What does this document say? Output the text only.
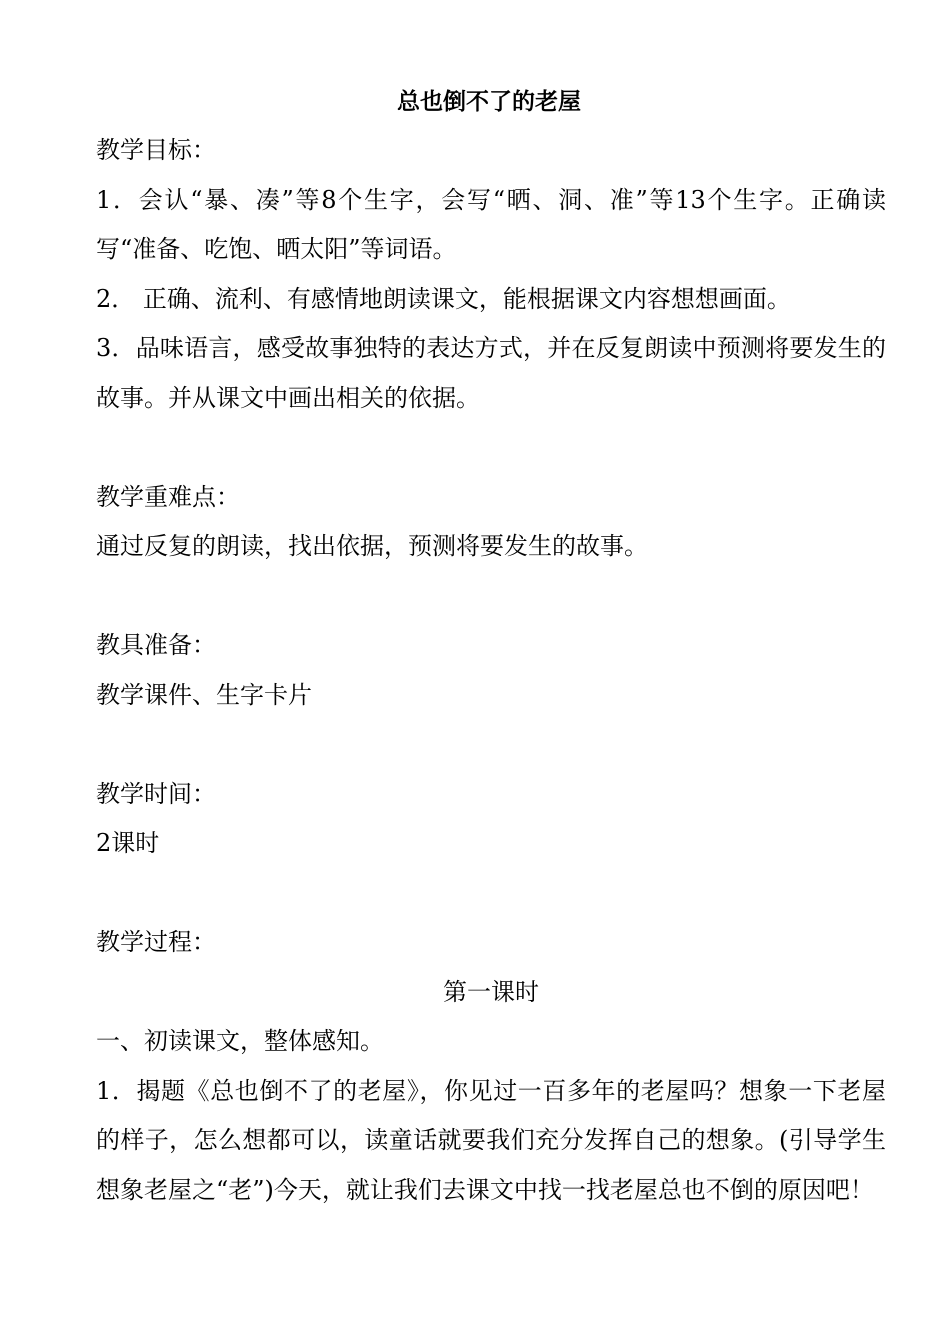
总也倒不了的老屋

教学目标：

1．会认“暴、凑”等8个生字，会写“晒、洞、准”等13个生字。正确读写“准备、吃饱、晒太阳”等词语。

2． 正确、流利、有感情地朗读课文，能根据课文内容想想画面。

3．品味语言，感受故事独特的表达方式，并在反复朗读中预测将要发生的故事。并从课文中画出相关的依据。

教学重难点：

通过反复的朗读，找出依据，预测将要发生的故事。

教具准备：

教学课件、生字卡片

教学时间：

2课时

教学过程：

第一课时

一、初读课文，整体感知。

1．揭题《总也倒不了的老屋》，你见过一百多年的老屋吗？想象一下老屋的样子，怎么想都可以，读童话就要我们充分发挥自己的想象。(引导学生想象老屋之“老”)今天，就让我们去课文中找一找老屋总也不倒的原因吧！
